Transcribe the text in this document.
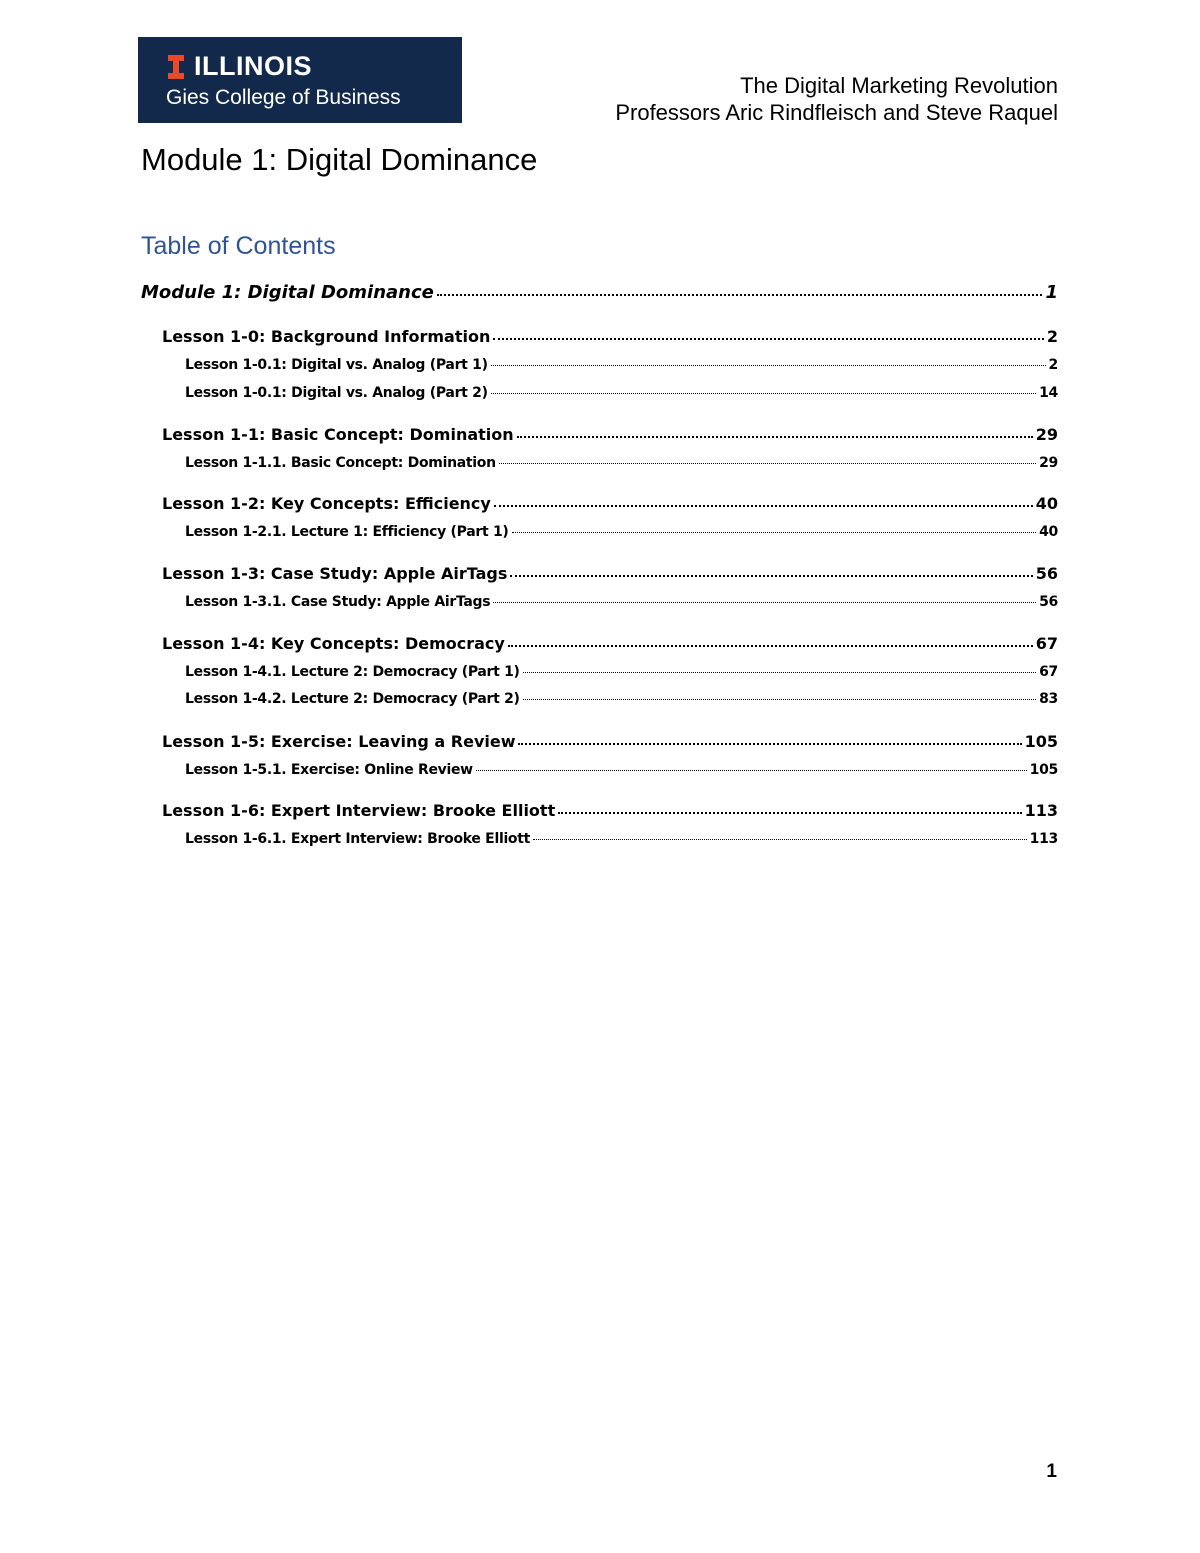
ILLINOIS
Gies College of Business	The Digital Marketing Revolution
Professors Aric Rindfleisch and Steve Raquel
Module 1: Digital Dominance
Table of Contents
Module 1: Digital Dominance	1
Lesson 1-0: Background Information	2
Lesson 1-0.1: Digital vs. Analog (Part 1)	2
Lesson 1-0.1: Digital vs. Analog (Part 2)	14
Lesson 1-1: Basic Concept: Domination	29
Lesson 1-1.1. Basic Concept: Domination	29
Lesson 1-2: Key Concepts: Efficiency	40
Lesson 1-2.1. Lecture 1: Efficiency (Part 1)	40
Lesson 1-3: Case Study: Apple AirTags	56
Lesson 1-3.1. Case Study: Apple AirTags	56
Lesson 1-4: Key Concepts: Democracy	67
Lesson 1-4.1. Lecture 2: Democracy (Part 1)	67
Lesson 1-4.2. Lecture 2: Democracy (Part 2)	83
Lesson 1-5: Exercise: Leaving a Review	105
Lesson 1-5.1. Exercise: Online Review	105
Lesson 1-6: Expert Interview: Brooke Elliott	113
Lesson 1-6.1. Expert Interview: Brooke Elliott	113
1
